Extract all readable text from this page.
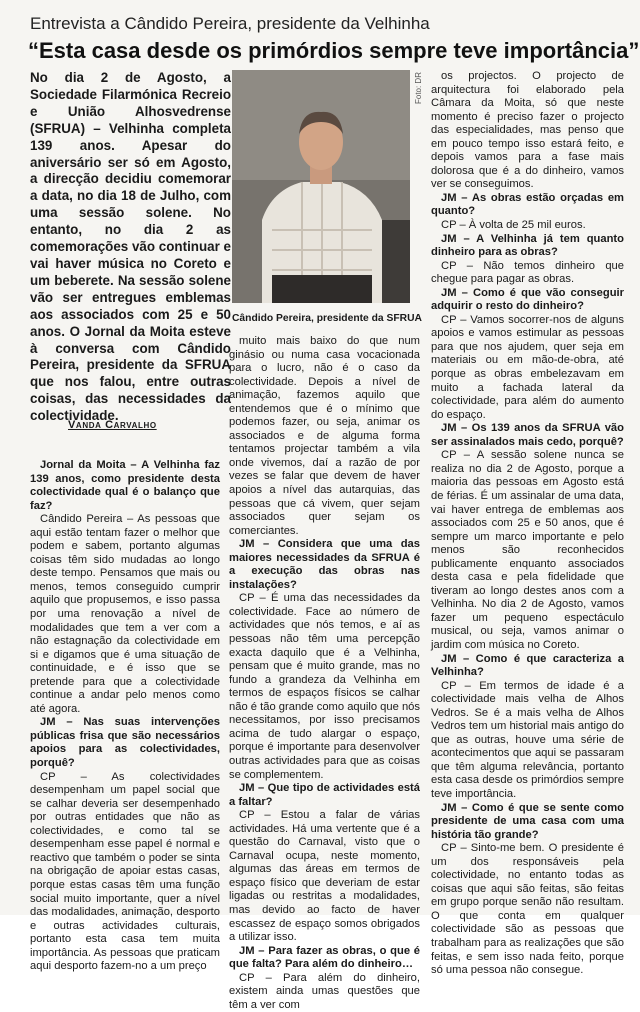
Entrevista a Cândido Pereira, presidente da Velhinha
“Esta casa desde os primórdios sempre teve importância”

No dia 2 de Agosto, a Sociedade Filarmónica Recreio e União Alhosvedrense (SFRUA) – Velhinha completa 139 anos. Apesar do aniversário ser só em Agosto, a direcção decidiu comemorar a data, no dia 18 de Julho, com uma sessão solene. No entanto, no dia 2 as comemorações vão continuar e vai haver música no Coreto e um beberete. Na sessão solene vão ser entregues emblemas aos associados com 25 e 50 anos. O Jornal da Moita esteve à conversa com Cândido Pereira, presidente da SFRUA que nos falou, entre outras coisas, das necessidades da colectividade.

Vanda Carvalho
Foto: DR
Cândido Pereira, presidente da SFRUA

Jornal da Moita – A Velhinha faz 139 anos, como presidente desta colectividade qual é o balanço que faz?

Cândido Pereira – As pessoas que aqui estão tentam fazer o melhor que podem e sabem, portanto algumas coisas têm sido mudadas ao longo deste tempo. Pensamos que mais ou menos, temos conseguido cumprir aquilo que propusemos, e isso passa por uma renovação a nível de modalidades que tem a ver com a não estagnação da colectividade em si e digamos que é uma situação de continuidade, e é isso que se pretende para que a colectividade continue a andar pelo menos como até agora.

JM – Nas suas intervenções públicas frisa que são necessários apoios para as colectividades, porquê?

CP – As colectividades desempenham um papel social que se calhar deveria ser desempenhado por outras entidades que não as colectividades, e como tal se desempenham esse papel é normal e reactivo que também o poder se sinta na obrigação de apoiar estas casas, porque estas casas têm uma função social muito importante, quer a nível das modalidades, animação, desporto e outras actividades culturais, portanto esta casa tem muita importância. As pessoas que praticam aqui desporto fazem-no a um preço

muito mais baixo do que num ginásio ou numa casa vocacionada para o lucro, não é o caso da colectividade. Depois a nível de animação, fazemos aquilo que entendemos que é o mínimo que podemos fazer, ou seja, animar os associados e de alguma forma tentamos projectar também a vila onde vivemos, daí a razão de por vezes se falar que devem de haver apoios a nível das autarquias, das pessoas que cá vivem, quer sejam associados quer sejam os comerciantes.

JM – Considera que uma das maiores necessidades da SFRUA é a execução das obras nas instalações?

CP – É uma das necessidades da colectividade. Face ao número de actividades que nós temos, e aí as pessoas não têm uma percepção exacta daquilo que é a Velhinha, pensam que é muito grande, mas no fundo a grandeza da Velhinha em termos de espaços físicos se calhar não é tão grande como aquilo que nós necessitamos, por isso precisamos acima de tudo alargar o espaço, porque é importante para desenvolver outras actividades para que as coisas se complementem.

JM – Que tipo de actividades está a faltar?

CP – Estou a falar de várias actividades. Há uma vertente que é a questão do Carnaval, visto que o Carnaval ocupa, neste momento, algumas das áreas em termos de espaço físico que deveriam de estar ligadas ou restritas a modalidades, mas devido ao facto de haver escassez de espaço somos obrigados a utilizar isso.

JM – Para fazer as obras, o que é que falta? Para além do dinheiro…

CP – Para além do dinheiro, existem ainda umas questões que têm a ver com

os projectos. O projecto de arquitectura foi elaborado pela Câmara da Moita, só que neste momento é preciso fazer o projecto das especialidades, mas penso que em pouco tempo isso estará feito, e depois vamos para a fase mais dolorosa que é a do dinheiro, vamos ver se conseguimos.

JM – As obras estão orçadas em quanto?

CP – À volta de 25 mil euros.

JM – A Velhinha já tem quanto dinheiro para as obras?

CP – Não temos dinheiro que chegue para pagar as obras.

JM – Como é que vão conseguir adquirir o resto do dinheiro?

CP – Vamos socorrer-nos de alguns apoios e vamos estimular as pessoas para que nos ajudem, quer seja em materiais ou em mão-de-obra, até porque as obras embelezavam em muito a fachada lateral da colectividade, para além do aumento do espaço.

JM – Os 139 anos da SFRUA vão ser assinalados mais cedo, porquê?

CP – A sessão solene nunca se realiza no dia 2 de Agosto, porque a maioria das pessoas em Agosto está de férias. É um assinalar de uma data, vai haver entrega de emblemas aos associados com 25 e 50 anos, que é sempre um marco importante e pelo menos são reconhecidos publicamente enquanto associados desta casa e pela fidelidade que tiveram ao longo destes anos com a Velhinha. No dia 2 de Agosto, vamos fazer um pequeno espectáculo musical, ou seja, vamos animar o jardim com música no Coreto.

JM – Como é que caracteriza a Velhinha?

CP – Em termos de idade é a colectividade mais velha de Alhos Vedros. Se é a mais velha de Alhos Vedros tem um historial mais antigo do que as outras, houve uma série de acontecimentos que aqui se passaram que têm alguma relevância, portanto esta casa desde os primórdios sempre teve importância.

JM – Como é que se sente como presidente de uma casa com uma história tão grande?

CP – Sinto-me bem. O presidente é um dos responsáveis pela colectividade, no entanto todas as coisas que aqui são feitas, são feitas em grupo porque senão não resultam. O que conta em qualquer colectividade são as pessoas que trabalham para as realizações que são feitas, e sem isso nada feito, porque só uma pessoa não consegue.
